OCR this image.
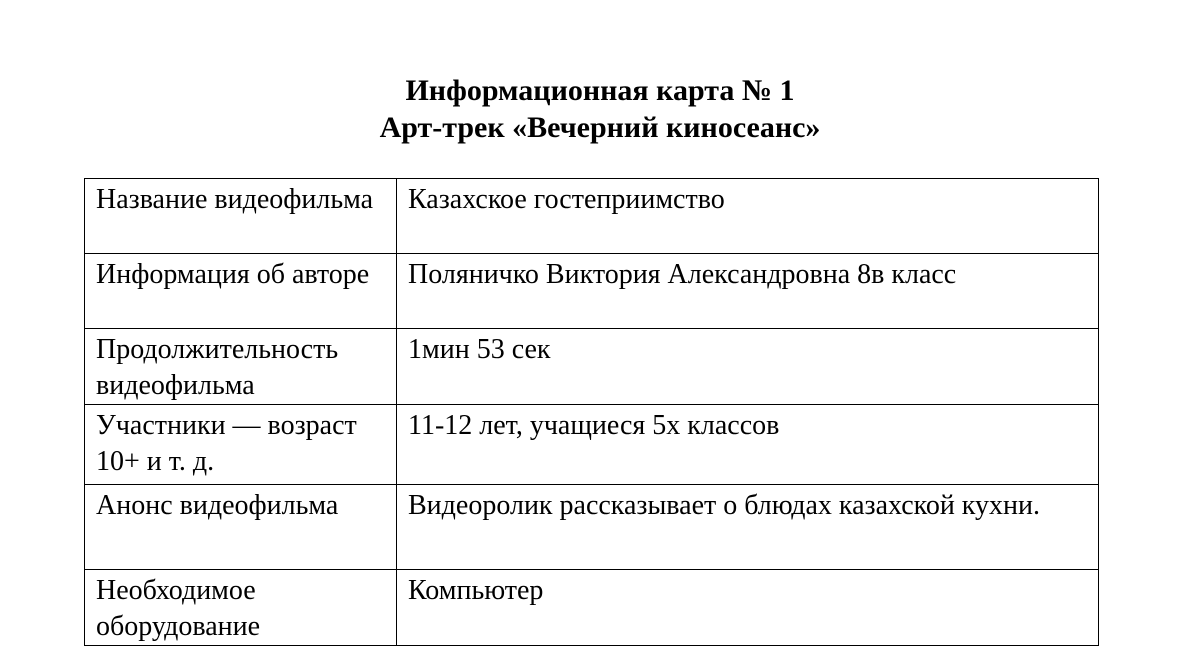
Информационная карта № 1
Арт-трек «Вечерний киносеанс»
Название видеофильма	Казахское гостеприимство
Информация об авторе	Поляничко Виктория Александровна 8в класс
Продолжительность видеофильма	1мин 53 сек
Участники — возраст 10+ и т. д.	11-12 лет, учащиеся 5х классов
Анонс видеофильма	Видеоролик рассказывает о блюдах казахской кухни.
Необходимое оборудование	Компьютер
